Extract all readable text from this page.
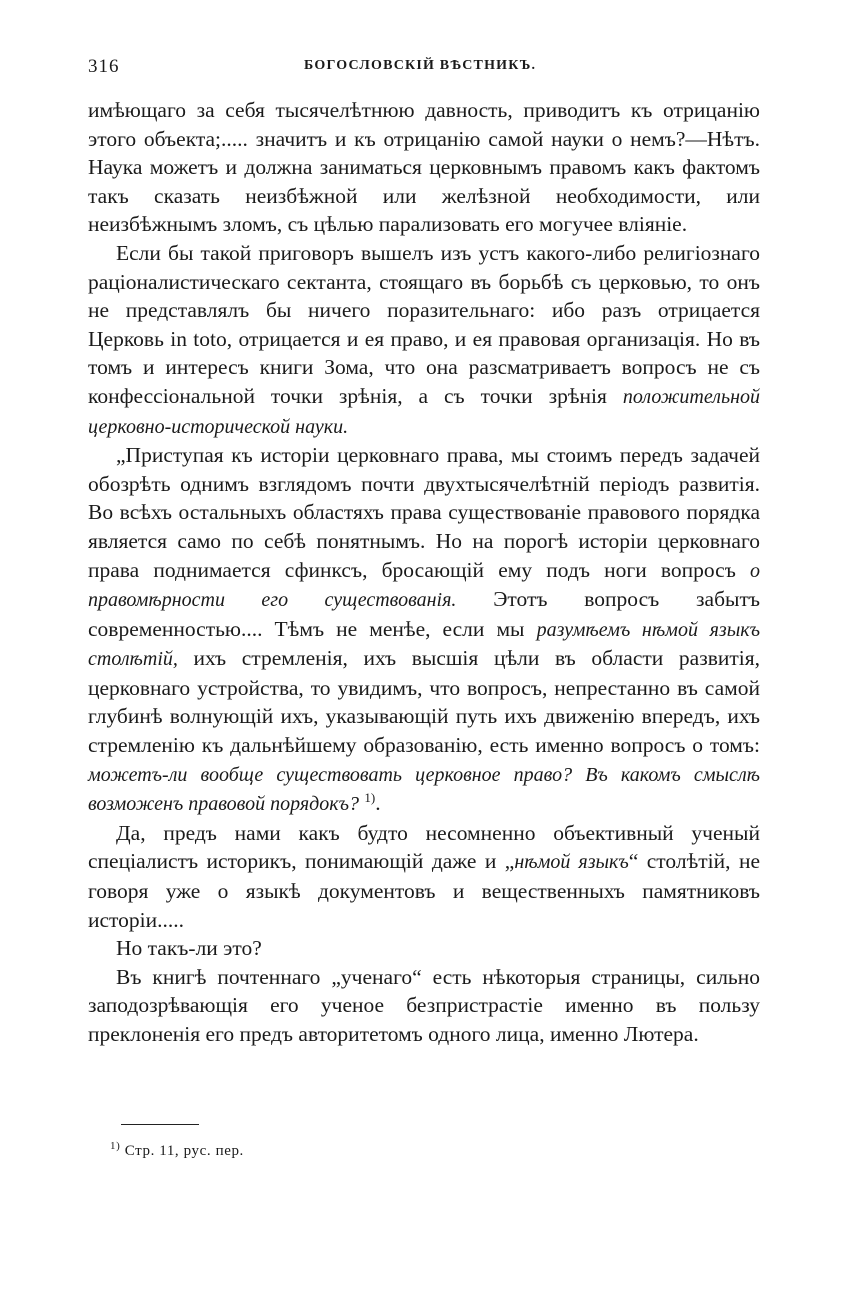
316	БОГОСЛОВСКIЙ ВѢСТНИКЪ.

имѣющаго за себя тысячелѣтнюю давность, приводитъ къ отрицанiю этого объекта;..... значитъ и къ отрицанiю самой науки о немъ?—Нѣтъ. Наука можетъ и должна заниматься церковнымъ правомъ какъ фактомъ такъ сказать неизбѣжной или желѣзной необходимости, или неизбѣжнымъ зломъ, съ цѣлью парализовать его могучее влiянiе.

Если бы такой приговоръ вышелъ изъ устъ какого-либо религiознаго рацiоналистическаго сектанта, стоящаго въ борьбѣ съ церковью, то онъ не представлялъ бы ничего поразительнаго: ибо разъ отрицается Церковь in toto, отрицается и ея право, и ея правовая организацiя. Но въ томъ и интересъ книги Зома, что она разсматриваетъ вопросъ не съ конфессiональной точки зрѣнiя, а съ точки зрѣнiя положительной церковно-исторической науки.

„Приступая къ исторiи церковнаго права, мы стоимъ передъ задачей обозрѣть однимъ взглядомъ почти двухтысячелѣтнiй перiодъ развитiя. Во всѣхъ остальныхъ областяхъ права существованiе правового порядка является само по себѣ понятнымъ. Но на порогѣ исторiи церковнаго права поднимается сфинксъ, бросающiй ему подъ ноги вопросъ о правомѣрности его существованiя. Этотъ вопросъ забытъ современностью.... Тѣмъ не менѣе, если мы разумѣемъ нѣмой языкъ столѣтiй, ихъ стремленiя, ихъ высшiя цѣли въ области развитiя, церковнаго устройства, то увидимъ, что вопросъ, непрестанно въ самой глубинѣ волнующiй ихъ, указывающiй путь ихъ движенiю впередъ, ихъ стремленiю къ дальнѣйшему образованiю, есть именно вопросъ о томъ: можетъ-ли вообще существовать церковное право? Въ какомъ смыслѣ возможенъ правовой порядокъ? $^{1)}$.

Да, предъ нами какъ будто несомненно объективный ученый спецiалистъ историкъ, понимающiй даже и „нѣмой языкъ“ столѣтiй, не говоря уже о языкѣ документовъ и вещественныхъ памятниковъ исторiи.....

Но такъ-ли это?

Въ книгѣ почтеннаго „ученаго“ есть нѣкоторыя страницы, сильно заподозрѣвающiя его ученое безпристрастiе именно въ пользу преклоненiя его предъ авторитетомъ одного лица, именно Лютера.

$^{1)}$ Стр. 11, рус. пер.
